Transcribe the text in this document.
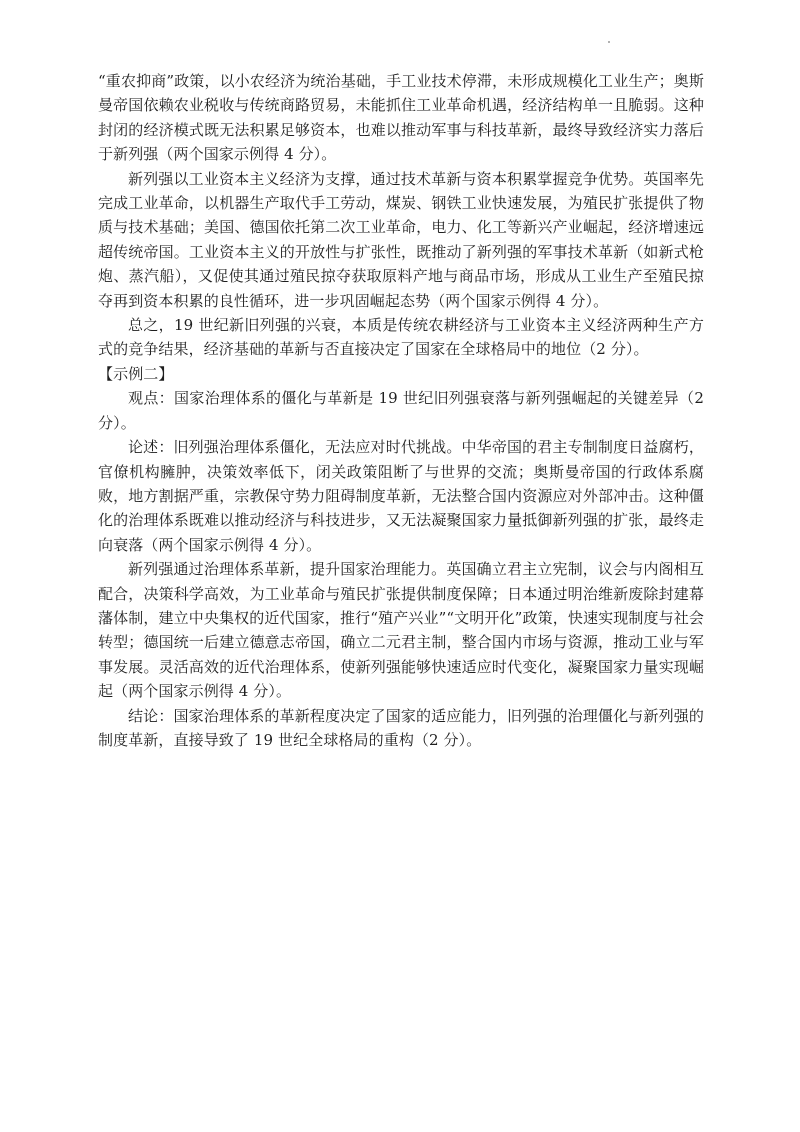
“重农抑商”政策，以小农经济为统治基础，手工业技术停滞，未形成规模化工业生产；奥斯曼帝国依赖农业税收与传统商路贸易，未能抓住工业革命机遇，经济结构单一且脆弱。这种封闭的经济模式既无法积累足够资本，也难以推动军事与科技革新，最终导致经济实力落后于新列强（两个国家示例得 4 分）。

新列强以工业资本主义经济为支撑，通过技术革新与资本积累掌握竞争优势。英国率先完成工业革命，以机器生产取代手工劳动，煤炭、钢铁工业快速发展，为殖民扩张提供了物质与技术基础；美国、德国依托第二次工业革命，电力、化工等新兴产业崛起，经济增速远超传统帝国。工业资本主义的开放性与扩张性，既推动了新列强的军事技术革新（如新式枪炮、蒸汽船），又促使其通过殖民掠夺获取原料产地与商品市场，形成从工业生产至殖民掠夺再到资本积累的良性循环，进一步巩固崛起态势（两个国家示例得 4 分）。

总之，19 世纪新旧列强的兴衰，本质是传统农耕经济与工业资本主义经济两种生产方式的竞争结果，经济基础的革新与否直接决定了国家在全球格局中的地位（2 分）。

【示例二】

观点：国家治理体系的僵化与革新是 19 世纪旧列强衰落与新列强崛起的关键差异（2 分）。

论述：旧列强治理体系僵化，无法应对时代挑战。中华帝国的君主专制制度日益腐朽，官僚机构臃肿，决策效率低下，闭关政策阻断了与世界的交流；奥斯曼帝国的行政体系腐败，地方割据严重，宗教保守势力阻碍制度革新，无法整合国内资源应对外部冲击。这种僵化的治理体系既难以推动经济与科技进步，又无法凝聚国家力量抵御新列强的扩张，最终走向衰落（两个国家示例得 4 分）。

新列强通过治理体系革新，提升国家治理能力。英国确立君主立宪制，议会与内阁相互配合，决策科学高效，为工业革命与殖民扩张提供制度保障；日本通过明治维新废除封建幕藩体制，建立中央集权的近代国家，推行“殖产兴业”“文明开化”政策，快速实现制度与社会转型；德国统一后建立德意志帝国，确立二元君主制，整合国内市场与资源，推动工业与军事发展。灵活高效的近代治理体系，使新列强能够快速适应时代变化，凝聚国家力量实现崛起（两个国家示例得 4 分）。

结论：国家治理体系的革新程度决定了国家的适应能力，旧列强的治理僵化与新列强的制度革新，直接导致了 19 世纪全球格局的重构（2 分）。
